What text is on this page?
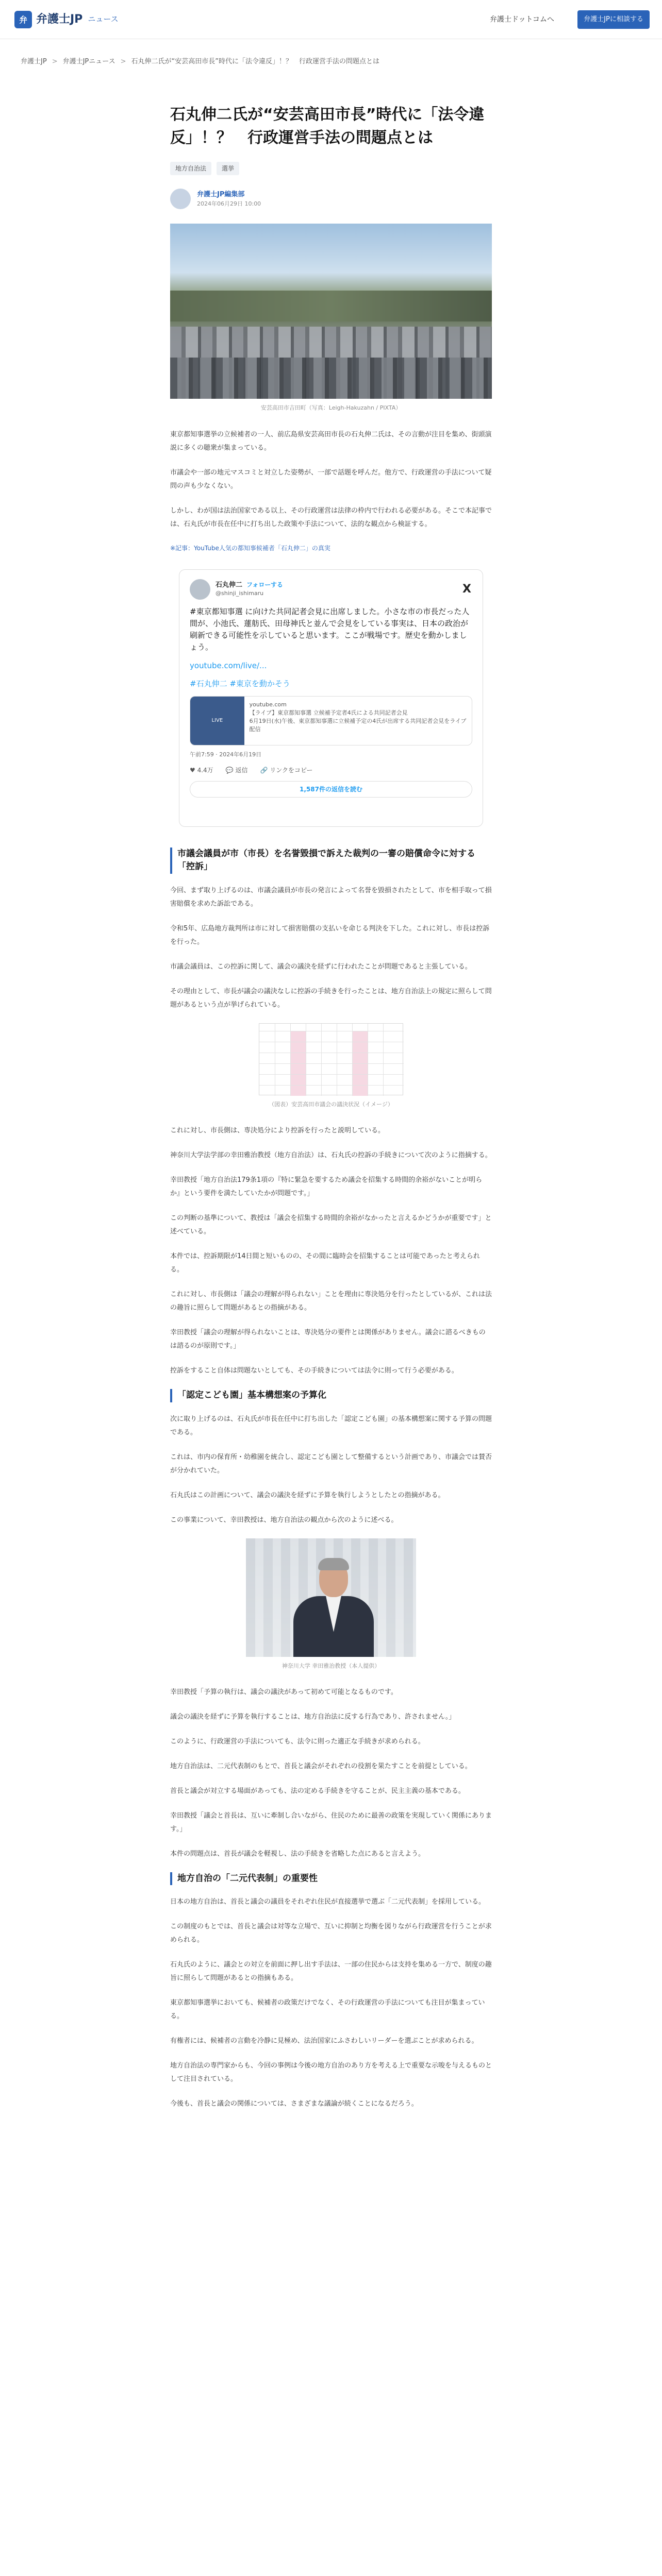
弁 弁護士JP ニュース	弁護士ドットコムへ	弁護士JPに相談する
弁護士JP > 弁護士JPニュース > 石丸伸二氏が“安芸高田市長”時代に「法令違反」！？　行政運営手法の問題点とは
石丸伸二氏が“安芸高田市長”時代に「法令違反」！？　行政運営手法の問題点とは
地方自治法	選挙
弁護士JP編集部
2024年06月29日 10:00
安芸高田市吉田町（写真：Leigh-Hakuzahn / PIXTA）

東京都知事選挙の立候補者の一人、前広島県安芸高田市長の石丸伸二氏は、その言動が注目を集め、街頭演説に多くの聴衆が集まっている。

市議会や一部の地元マスコミと対立した姿勢が、一部で話題を呼んだ。他方で、行政運営の手法について疑問の声も少なくない。

しかし、わが国は法治国家である以上、その行政運営は法律の枠内で行われる必要がある。そこで本記事では、石丸氏が市長在任中に打ち出した政策や手法について、法的な観点から検証する。

※記事：YouTube人気の都知事候補者「石丸伸二」の真実
石丸伸二 フォローする
@shinji_ishimaru	X
#東京都知事選 に向けた共同記者会見に出席しました。小さな市の市長だった人間が、小池氏、蓮舫氏、田母神氏と並んで会見をしている事実は、日本の政治が刷新できる可能性を示していると思います。ここが戦場です。歴史を動かしましょう。
youtube.com/live/...
#石丸伸二 #東京を動かそう
LIVE
youtube.com
【ライブ】東京都知事選 立候補予定者4氏による共同記者会見
6月19日(水)午後、東京都知事選に立候補予定の4氏が出席する共同記者会見をライブ配信
午前7:59 · 2024年6月19日
♥ 4.4万 💬 返信 🔗 リンクをコピー
1,587件の返信を読む
市議会議員が市（市長）を名誉毀損で訴えた裁判の一審の賠償命令に対する「控訴」

今回、まず取り上げるのは、市議会議員が市長の発言によって名誉を毀損されたとして、市を相手取って損害賠償を求めた訴訟である。

令和5年、広島地方裁判所は市に対して損害賠償の支払いを命じる判決を下した。これに対し、市長は控訴を行った。

市議会議員は、この控訴に関して、議会の議決を経ずに行われたことが問題であると主張している。

その理由として、市長が議会の議決なしに控訴の手続きを行ったことは、地方自治法上の規定に照らして問題があるという点が挙げられている。

（図表）安芸高田市議会の議決状況（イメージ）

これに対し、市長側は、専決処分により控訴を行ったと説明している。

神奈川大学法学部の幸田雅治教授（地方自治法）は、石丸氏の控訴の手続きについて次のように指摘する。

幸田教授「地方自治法179条1項の『特に緊急を要するため議会を招集する時間的余裕がないことが明らか』という要件を満たしていたかが問題です。」

この判断の基準について、教授は「議会を招集する時間的余裕がなかったと言えるかどうかが重要です」と述べている。

本件では、控訴期限が14日間と短いものの、その間に臨時会を招集することは可能であったと考えられる。

これに対し、市長側は「議会の理解が得られない」ことを理由に専決処分を行ったとしているが、これは法の趣旨に照らして問題があるとの指摘がある。

幸田教授「議会の理解が得られないことは、専決処分の要件とは関係がありません。議会に諮るべきものは諮るのが原則です。」

控訴をすること自体は問題ないとしても、その手続きについては法令に則って行う必要がある。

「認定こども園」基本構想案の予算化

次に取り上げるのは、石丸氏が市長在任中に打ち出した「認定こども園」の基本構想案に関する予算の問題である。

これは、市内の保育所・幼稚園を統合し、認定こども園として整備するという計画であり、市議会では賛否が分かれていた。

石丸氏はこの計画について、議会の議決を経ずに予算を執行しようとしたとの指摘がある。

この事業について、幸田教授は、地方自治法の観点から次のように述べる。

神奈川大学 幸田雅治教授（本人提供）

幸田教授「予算の執行は、議会の議決があって初めて可能となるものです。

議会の議決を経ずに予算を執行することは、地方自治法に反する行為であり、許されません。」

このように、行政運営の手法についても、法令に則った適正な手続きが求められる。

地方自治法は、二元代表制のもとで、首長と議会がそれぞれの役割を果たすことを前提としている。

首長と議会が対立する場面があっても、法の定める手続きを守ることが、民主主義の基本である。

幸田教授「議会と首長は、互いに牽制し合いながら、住民のために最善の政策を実現していく関係にあります。」

本件の問題点は、首長が議会を軽視し、法の手続きを省略した点にあると言えよう。

地方自治の「二元代表制」の重要性

日本の地方自治は、首長と議会の議員をそれぞれ住民が直接選挙で選ぶ「二元代表制」を採用している。

この制度のもとでは、首長と議会は対等な立場で、互いに抑制と均衡を図りながら行政運営を行うことが求められる。

石丸氏のように、議会との対立を前面に押し出す手法は、一部の住民からは支持を集める一方で、制度の趣旨に照らして問題があるとの指摘もある。

東京都知事選挙においても、候補者の政策だけでなく、その行政運営の手法についても注目が集まっている。

有権者には、候補者の言動を冷静に見極め、法治国家にふさわしいリーダーを選ぶことが求められる。

地方自治法の専門家からも、今回の事例は今後の地方自治のあり方を考える上で重要な示唆を与えるものとして注目されている。

今後も、首長と議会の関係については、さまざまな議論が続くことになるだろう。
